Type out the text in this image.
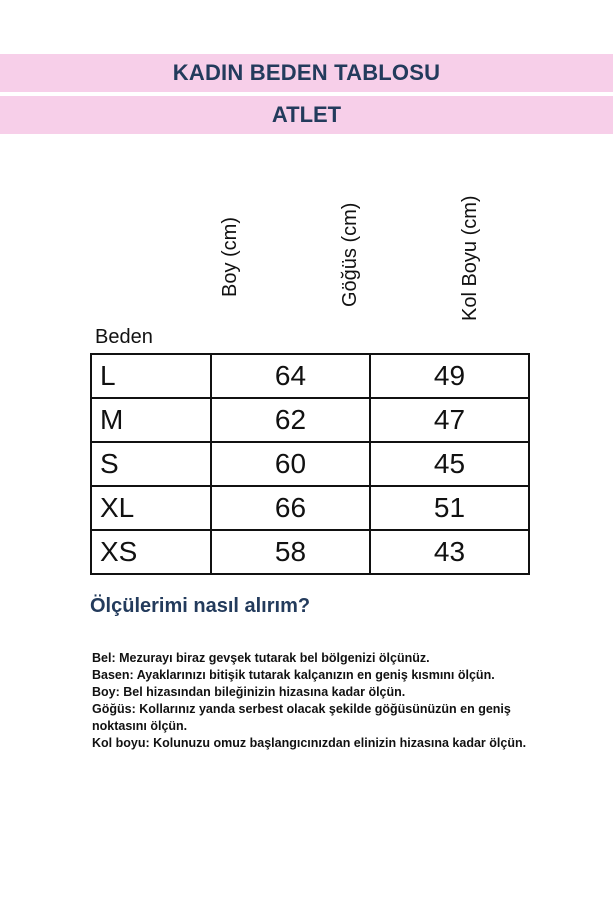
KADIN BEDEN TABLOSU
ATLET
Boy (cm)	Göğüs (cm)	Kol Boyu (cm)
Beden
L	64	49
M	62	47
S	60	45
XL	66	51
XS	58	43
Ölçülerimi nasıl alırım?

Bel: Mezurayı biraz gevşek tutarak bel bölgenizi ölçünüz.

Basen: Ayaklarınızı bitişik tutarak kalçanızın en geniş kısmını ölçün.

Boy: Bel hizasından bileğinizin hizasına kadar ölçün.

Göğüs: Kollarınız yanda serbest olacak şekilde göğüsünüzün en geniş noktasını ölçün.

Kol boyu: Kolunuzu omuz başlangıcınızdan elinizin hizasına kadar ölçün.
